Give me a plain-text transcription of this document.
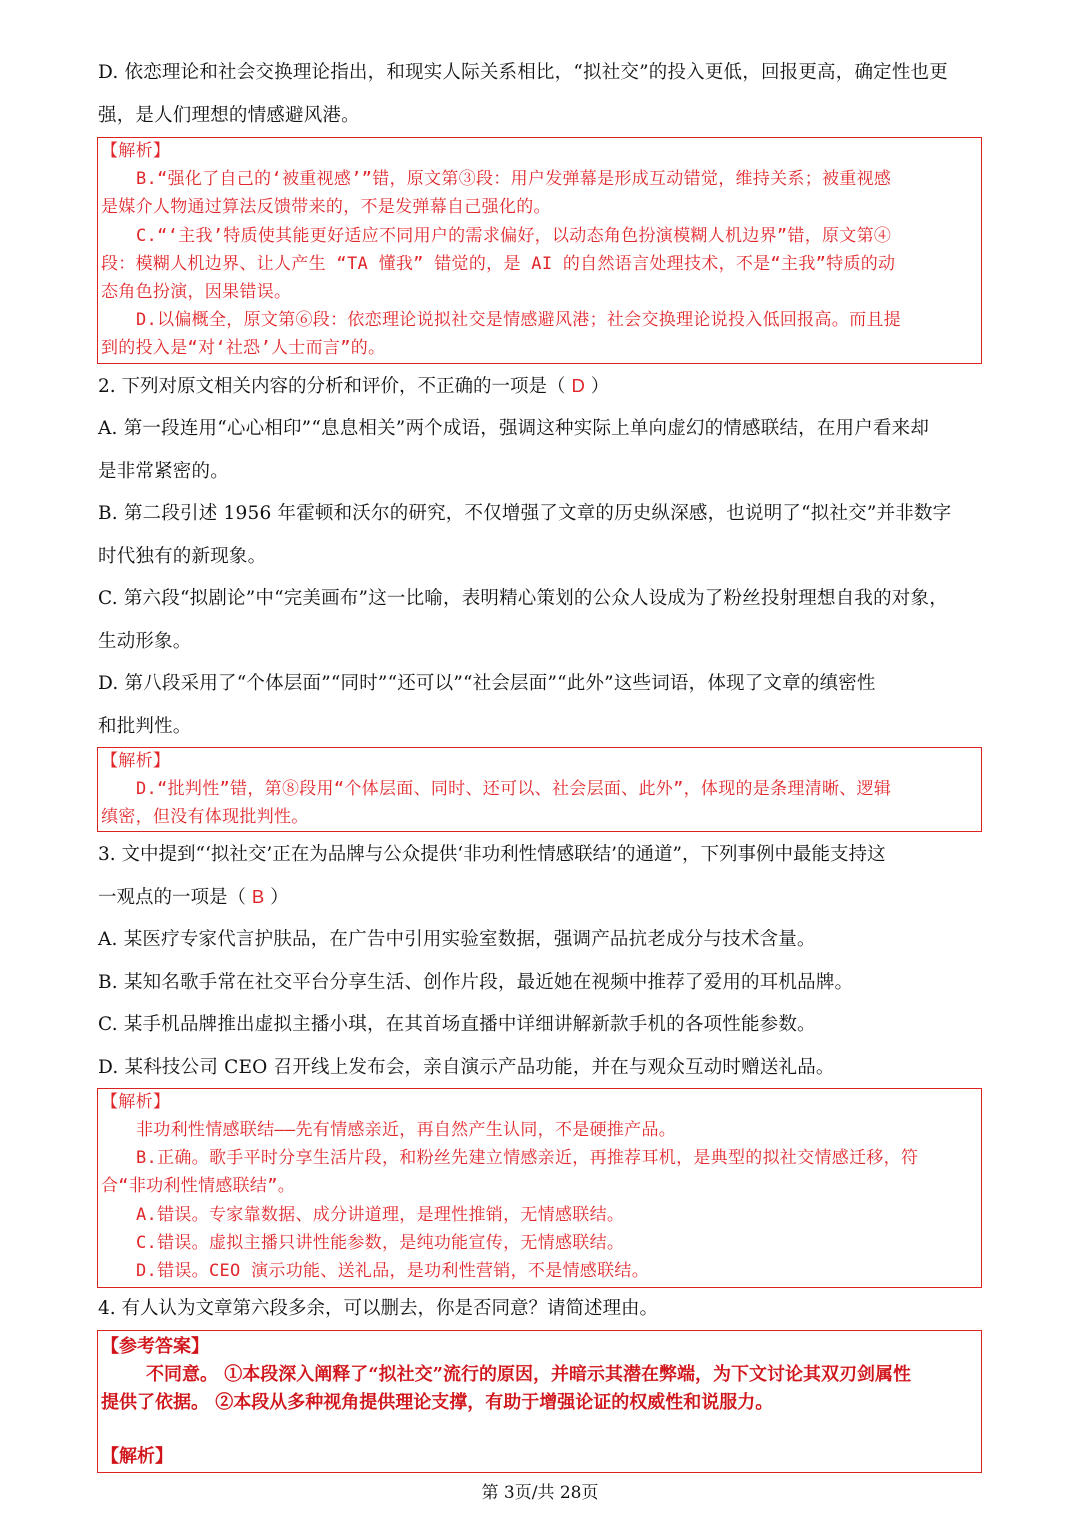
D. 依恋理论和社会交换理论指出，和现实人际关系相比，“拟社交”的投入更低，回报更高，确定性也更
强，是人们理想的情感避风港。
【解析】
B.“强化了自己的‘被重视感’”错，原文第③段：用户发弹幕是形成互动错觉，维持关系；被重视感
是媒介人物通过算法反馈带来的，不是发弹幕自己强化的。
C.“‘主我’特质使其能更好适应不同用户的需求偏好，以动态角色扮演模糊人机边界”错，原文第④
段：模糊人机边界、让人产生 “TA 懂我” 错觉的，是 AI 的自然语言处理技术，不是“主我”特质的动
态角色扮演，因果错误。
D.以偏概全，原文第⑥段：依恋理论说拟社交是情感避风港；社会交换理论说投入低回报高。而且提
到的投入是“对‘社恐’人士而言”的。
2. 下列对原文相关内容的分析和评价，不正确的一项是（ D ）
A. 第一段连用“心心相印”“息息相关”两个成语，强调这种实际上单向虚幻的情感联结，在用户看来却
是非常紧密的。
B. 第二段引述 1956 年霍顿和沃尔的研究，不仅增强了文章的历史纵深感，也说明了“拟社交”并非数字
时代独有的新现象。
C. 第六段“拟剧论”中“完美画布”这一比喻，表明精心策划的公众人设成为了粉丝投射理想自我的对象，
生动形象。
D. 第八段采用了“个体层面”“同时”“还可以”“社会层面”“此外”这些词语，体现了文章的缜密性
和批判性。
【解析】
D.“批判性”错，第⑧段用“个体层面、同时、还可以、社会层面、此外”，体现的是条理清晰、逻辑
缜密，但没有体现批判性。
3. 文中提到“‘拟社交’正在为品牌与公众提供‘非功利性情感联结’的通道”，下列事例中最能支持这
一观点的一项是（ B ）
A. 某医疗专家代言护肤品，在广告中引用实验室数据，强调产品抗老成分与技术含量。
B. 某知名歌手常在社交平台分享生活、创作片段，最近她在视频中推荐了爱用的耳机品牌。
C. 某手机品牌推出虚拟主播小琪，在其首场直播中详细讲解新款手机的各项性能参数。
D. 某科技公司 CEO 召开线上发布会，亲自演示产品功能，并在与观众互动时赠送礼品。
【解析】
非功利性情感联结——先有情感亲近，再自然产生认同，不是硬推产品。
B.正确。歌手平时分享生活片段，和粉丝先建立情感亲近，再推荐耳机，是典型的拟社交情感迁移，符
合“非功利性情感联结”。
A.错误。专家靠数据、成分讲道理，是理性推销，无情感联结。
C.错误。虚拟主播只讲性能参数，是纯功能宣传，无情感联结。
D.错误。CEO 演示功能、送礼品，是功利性营销，不是情感联结。
4. 有人认为文章第六段多余，可以删去，你是否同意？请简述理由。
【参考答案】
不同意。 ①本段深入阐释了“拟社交”流行的原因，并暗示其潜在弊端，为下文讨论其双刃剑属性
提供了依据。 ②本段从多种视角提供理论支撑，有助于增强论证的权威性和说服力。
【解析】
第 3页/共 28页
